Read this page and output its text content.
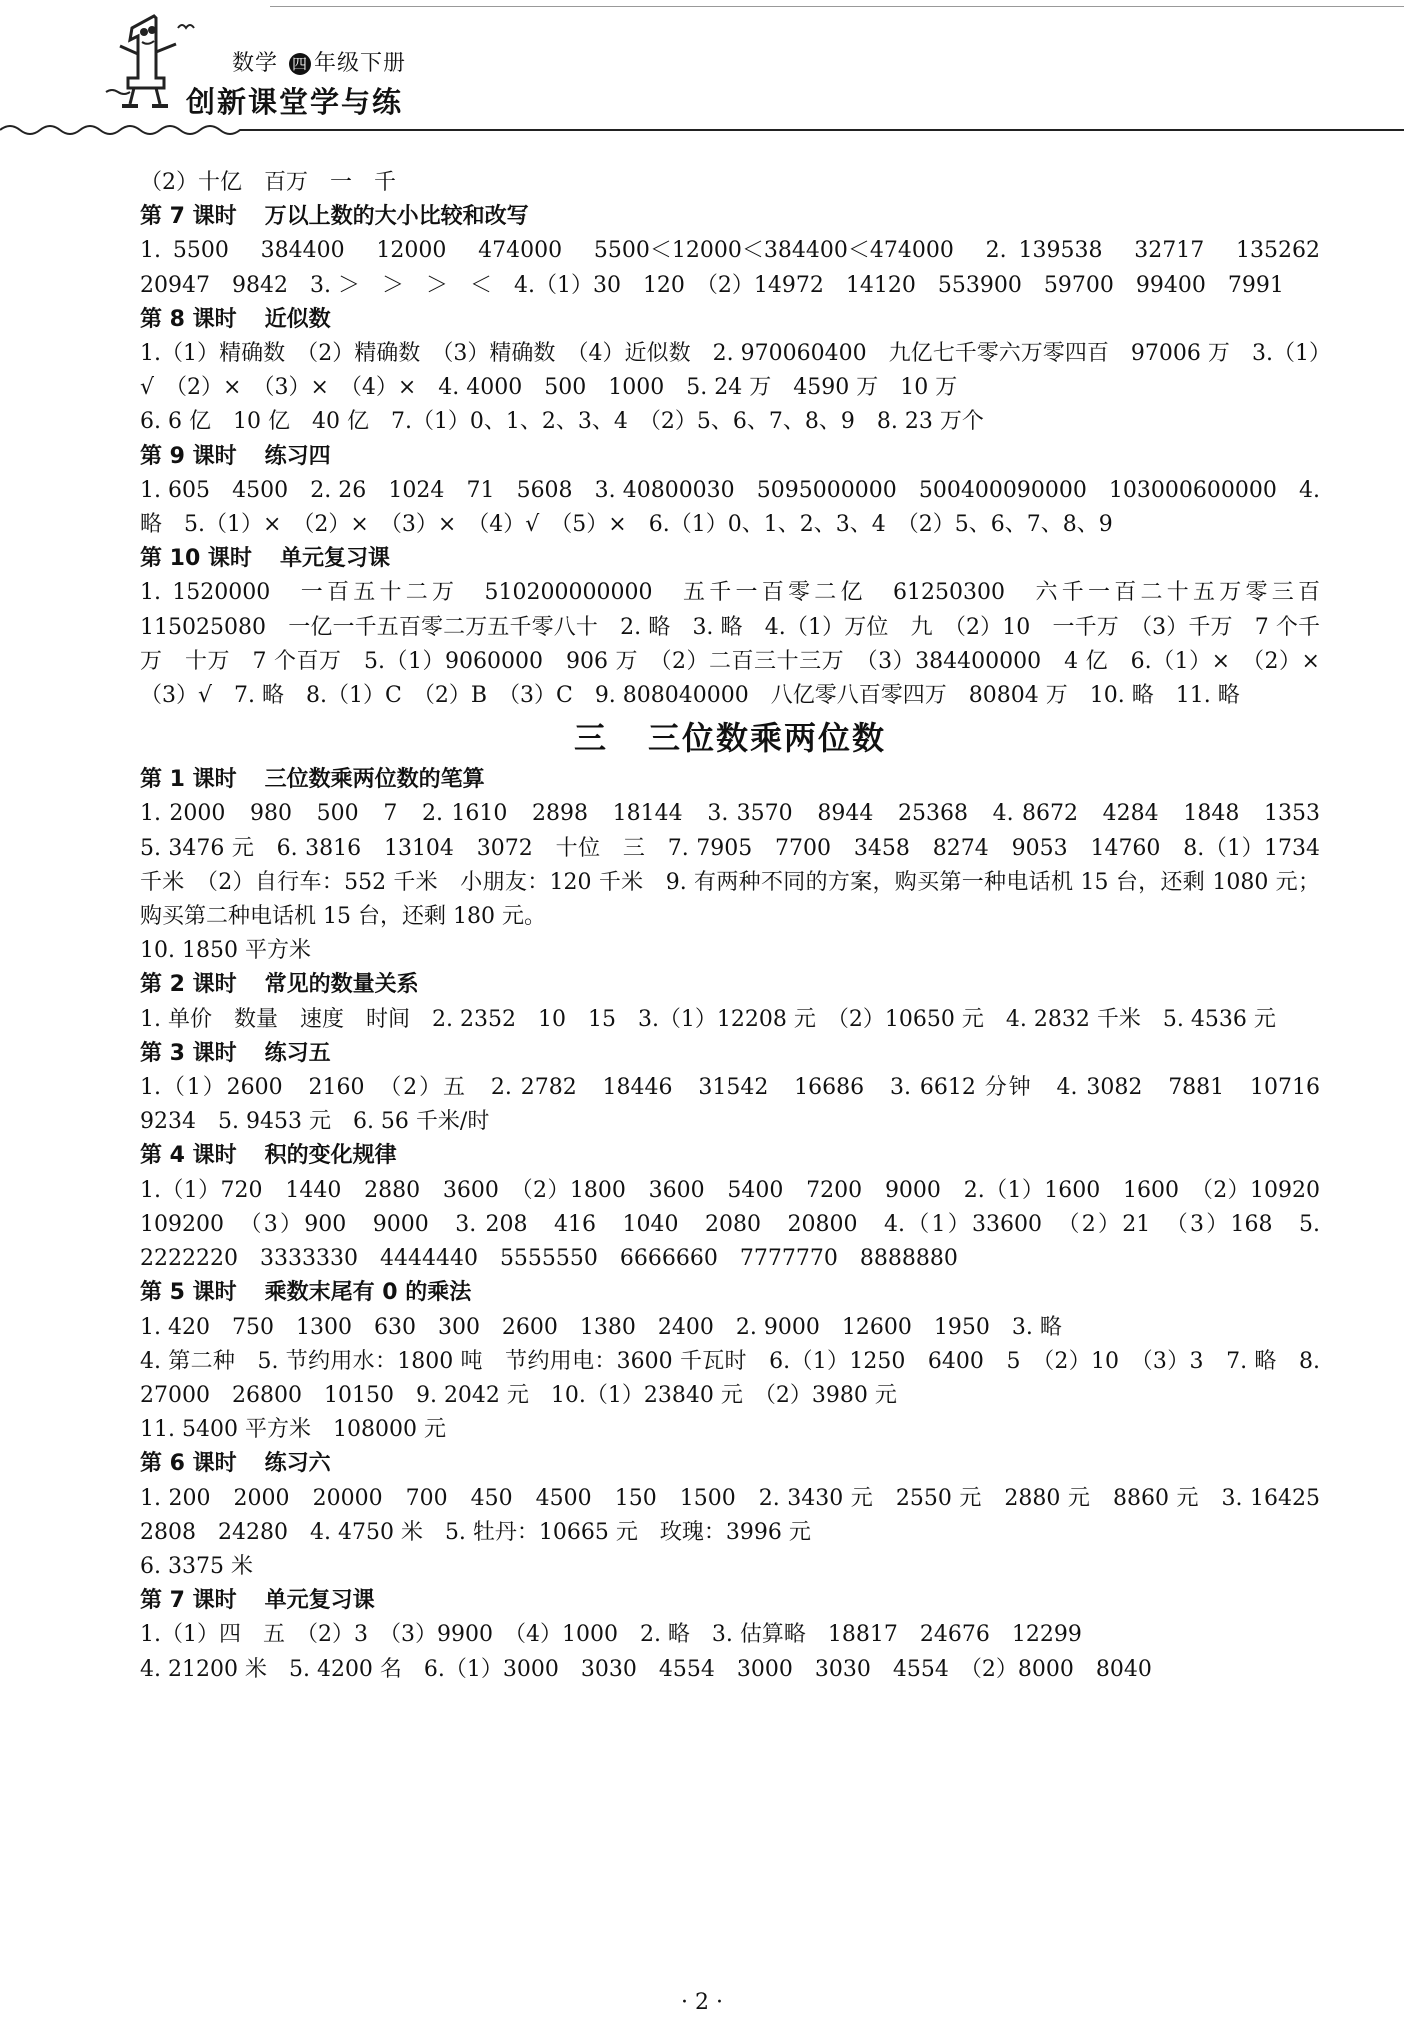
数学 四 年级下册
创新课堂学与练

（2）十亿　百万　一　千

第 7 课时 万以上数的大小比较和改写

1. 5500　384400　12000　474000　5500＜12000＜384400＜474000　2. 139538　32717　135262　20947　9842　3. ＞　＞　＞　＜　4.（1）30　120　（2）14972　14120　553900　59700　99400　7991

第 8 课时 近似数

1.（1）精确数　（2）精确数　（3）精确数　（4）近似数　2. 970060400　九亿七千零六万零四百　97006 万　3.（1）√　（2）×　（3）×　（4）×　4. 4000　500　1000　5. 24 万　4590 万　10 万

6. 6 亿　10 亿　40 亿　7.（1）0、1、2、3、4　（2）5、6、7、8、9　8. 23 万个

第 9 课时 练习四

1. 605　4500　2. 26　1024　71　5608　3. 40800030　5095000000　500400090000　103000600000　4. 略　5.（1）×　（2）×　（3）×　（4）√　（5）×　6.（1）0、1、2、3、4　（2）5、6、7、8、9

第 10 课时 单元复习课

1. 1520000　一百五十二万　510200000000　五千一百零二亿　61250300　六千一百二十五万零三百　115025080　一亿一千五百零二万五千零八十　2. 略　3. 略　4.（1）万位　九　（2）10　一千万　（3）千万　7 个千万　十万　7 个百万　5.（1）9060000　906 万　（2）二百三十三万　（3）384400000　4 亿　6.（1）×　（2）×　（3）√　7. 略　8.（1）C　（2）B　（3）C　9. 808040000　八亿零八百零四万　80804 万　10. 略　11. 略

三 三位数乘两位数
第 1 课时 三位数乘两位数的笔算

1. 2000　980　500　7　2. 1610　2898　18144　3. 3570　8944　25368　4. 8672　4284　1848　1353　5. 3476 元　6. 3816　13104　3072　十位　三　7. 7905　7700　3458　8274　9053　14760　8.（1）1734 千米　（2）自行车：552 千米　小朋友：120 千米　9. 有两种不同的方案，购买第一种电话机 15 台，还剩 1080 元；购买第二种电话机 15 台，还剩 180 元。

10. 1850 平方米

第 2 课时 常见的数量关系

1. 单价　数量　速度　时间　2. 2352　10　15　3.（1）12208 元　（2）10650 元　4. 2832 千米　5. 4536 元

第 3 课时 练习五

1.（1）2600　2160　（2）五　2. 2782　18446　31542　16686　3. 6612 分钟　4. 3082　7881　10716　9234　5. 9453 元　6. 56 千米/时

第 4 课时 积的变化规律

1.（1）720　1440　2880　3600　（2）1800　3600　5400　7200　9000　2.（1）1600　1600　（2）10920　109200　（3）900　9000　3. 208　416　1040　2080　20800　4.（1）33600　（2）21　（3）168　5. 2222220　3333330　4444440　5555550　6666660　7777770　8888880

第 5 课时 乘数末尾有 0 的乘法

1. 420　750　1300　630　300　2600　1380　2400　2. 9000　12600　1950　3. 略

4. 第二种　5. 节约用水：1800 吨　节约用电：3600 千瓦时　6.（1）1250　6400　5　（2）10　（3）3　7. 略　8. 27000　26800　10150　9. 2042 元　10.（1）23840 元　（2）3980 元

11. 5400 平方米　108000 元

第 6 课时 练习六

1. 200　2000　20000　700　450　4500　150　1500　2. 3430 元　2550 元　2880 元　8860 元　3. 16425　2808　24280　4. 4750 米　5. 牡丹：10665 元　玫瑰：3996 元

6. 3375 米

第 7 课时 单元复习课

1.（1）四　五　（2）3　（3）9900　（4）1000　2. 略　3. 估算略　18817　24676　12299

4. 21200 米　5. 4200 名　6.（1）3000　3030　4554　3000　3030　4554　（2）8000　8040

· 2 ·
